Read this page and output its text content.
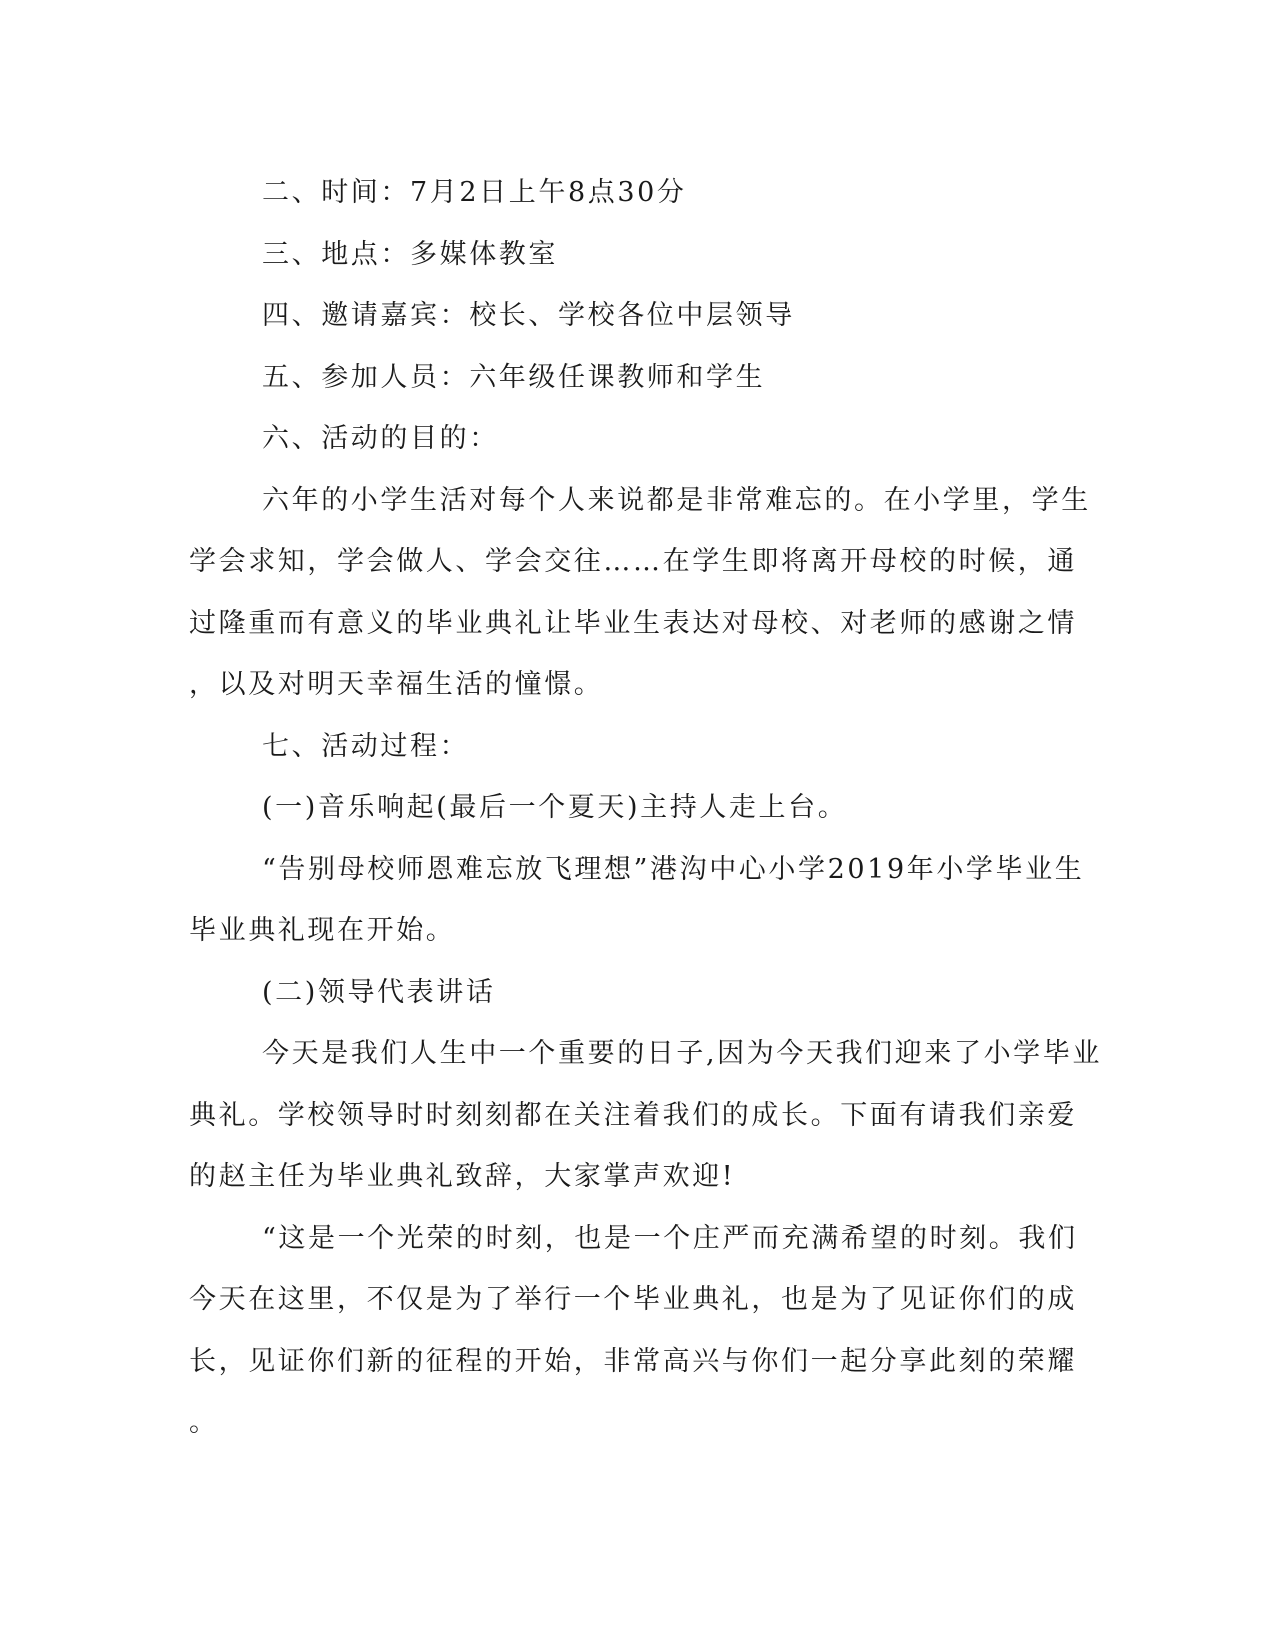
二、时间：7月2日上午8点30分
三、地点：多媒体教室
四、邀请嘉宾：校长、学校各位中层领导
五、参加人员：六年级任课教师和学生
六、活动的目的：
六年的小学生活对每个人来说都是非常难忘的。在小学里，学生
学会求知，学会做人、学会交往……在学生即将离开母校的时候，通
过隆重而有意义的毕业典礼让毕业生表达对母校、对老师的感谢之情
，以及对明天幸福生活的憧憬。
七、活动过程：
(一)音乐响起(最后一个夏天)主持人走上台。
“告别母校师恩难忘放飞理想”港沟中心小学2019年小学毕业生
毕业典礼现在开始。
(二)领导代表讲话
今天是我们人生中一个重要的日子,因为今天我们迎来了小学毕业
典礼。学校领导时时刻刻都在关注着我们的成长。下面有请我们亲爱
的赵主任为毕业典礼致辞，大家掌声欢迎!
“这是一个光荣的时刻，也是一个庄严而充满希望的时刻。我们
今天在这里，不仅是为了举行一个毕业典礼，也是为了见证你们的成
长，见证你们新的征程的开始，非常高兴与你们一起分享此刻的荣耀
。
